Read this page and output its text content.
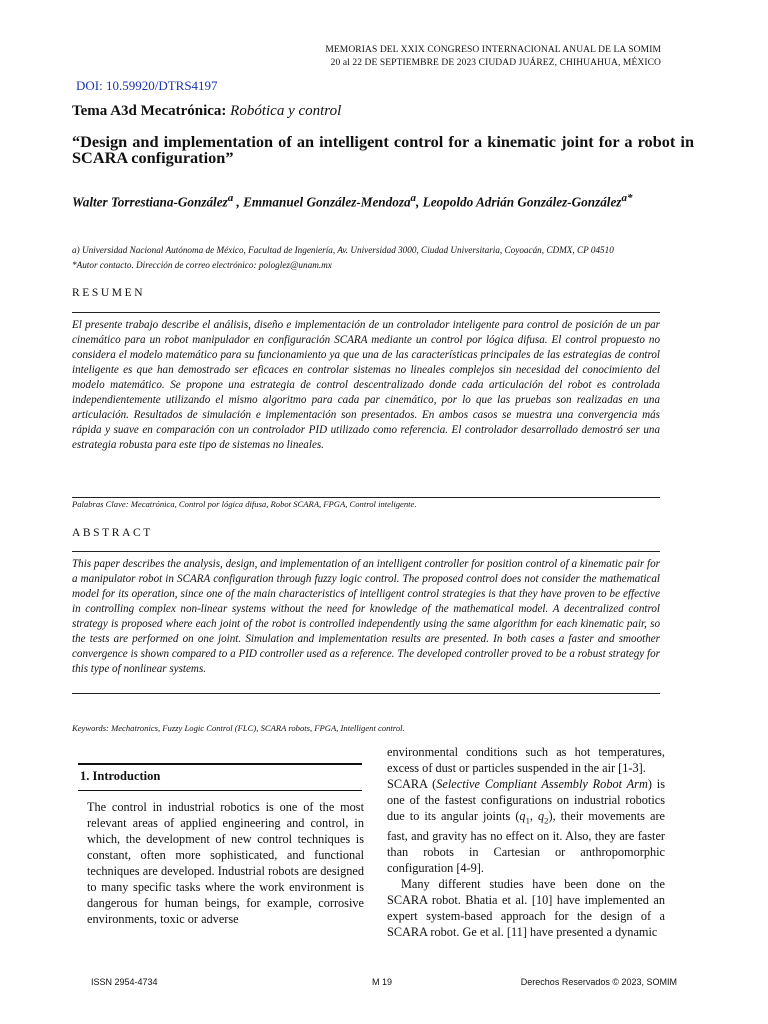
MEMORIAS DEL XXIX CONGRESO INTERNACIONAL ANUAL DE LA SOMIM
20 al 22 DE SEPTIEMBRE DE 2023 CIUDAD JUÁREZ, CHIHUAHUA, MÉXICO
DOI: 10.59920/DTRS4197
Tema A3d Mecatrónica: Robótica y control
“Design and implementation of an intelligent control for a kinematic joint for a robot in SCARA configuration”
Walter Torrestiana-González$^a$ , Emmanuel González-Mendoza$^a$, Leopoldo Adrián González-González$^{a*}$
a) Universidad Nacional Autónoma de México, Facultad de Ingeniería, Av. Universidad 3000, Ciudad Universitaria, Coyoacán, CDMX, CP 04510
*Autor contacto. Dirección de correo electrónico: pologlez@unam.mx
RESUMEN
El presente trabajo describe el análisis, diseño e implementación de un controlador inteligente para control de posición de un par cinemático para un robot manipulador en configuración SCARA mediante un control por lógica difusa. El control propuesto no considera el modelo matemático para su funcionamiento ya que una de las características principales de las estrategias de control inteligente es que han demostrado ser eficaces en controlar sistemas no lineales complejos sin necesidad del conocimiento del modelo matemático. Se propone una estrategia de control descentralizado donde cada articulación del robot es controlada independientemente utilizando el mismo algoritmo para cada par cinemático, por lo que las pruebas son realizadas en una articulación. Resultados de simulación e implementación son presentados. En ambos casos se muestra una convergencia más rápida y suave en comparación con un controlador PID utilizado como referencia. El controlador desarrollado demostró ser una estrategia robusta para este tipo de sistemas no lineales.
Palabras Clave: Mecatrónica, Control por lógica difusa, Robot SCARA, FPGA, Control inteligente.
ABSTRACT
This paper describes the analysis, design, and implementation of an intelligent controller for position control of a kinematic pair for a manipulator robot in SCARA configuration through fuzzy logic control. The proposed control does not consider the mathematical model for its operation, since one of the main characteristics of intelligent control strategies is that they have proven to be effective in controlling complex non-linear systems without the need for knowledge of the mathematical model. A decentralized control strategy is proposed where each joint of the robot is controlled independently using the same algorithm for each kinematic pair, so the tests are performed on one joint. Simulation and implementation results are presented. In both cases a faster and smoother convergence is shown compared to a PID controller used as a reference. The developed controller proved to be a robust strategy for this type of nonlinear systems.
Keywords: Mechatronics, Fuzzy Logic Control (FLC), SCARA robots, FPGA, Intelligent control.
1. Introduction

The control in industrial robotics is one of the most relevant areas of applied engineering and control, in which, the development of new control techniques is constant, often more sophisticated, and functional techniques are developed. Industrial robots are designed to many specific tasks where the work environment is dangerous for human beings, for example, corrosive environments, toxic or adverse

environmental conditions such as hot temperatures, excess of dust or particles suspended in the air [1-3].

SCARA (Selective Compliant Assembly Robot Arm) is one of the fastest configurations on industrial robotics due to its angular joints ($q_1$, $q_2$), their movements are fast, and gravity has no effect on it. Also, they are faster than robots in Cartesian or anthropomorphic configuration [4-9].

Many different studies have been done on the SCARA robot. Bhatia et al. [10] have implemented an expert system-based approach for the design of a SCARA robot. Ge et al. [11] have presented a dynamic

ISSN 2954-4734	M 19	Derechos Reservados © 2023, SOMIM
